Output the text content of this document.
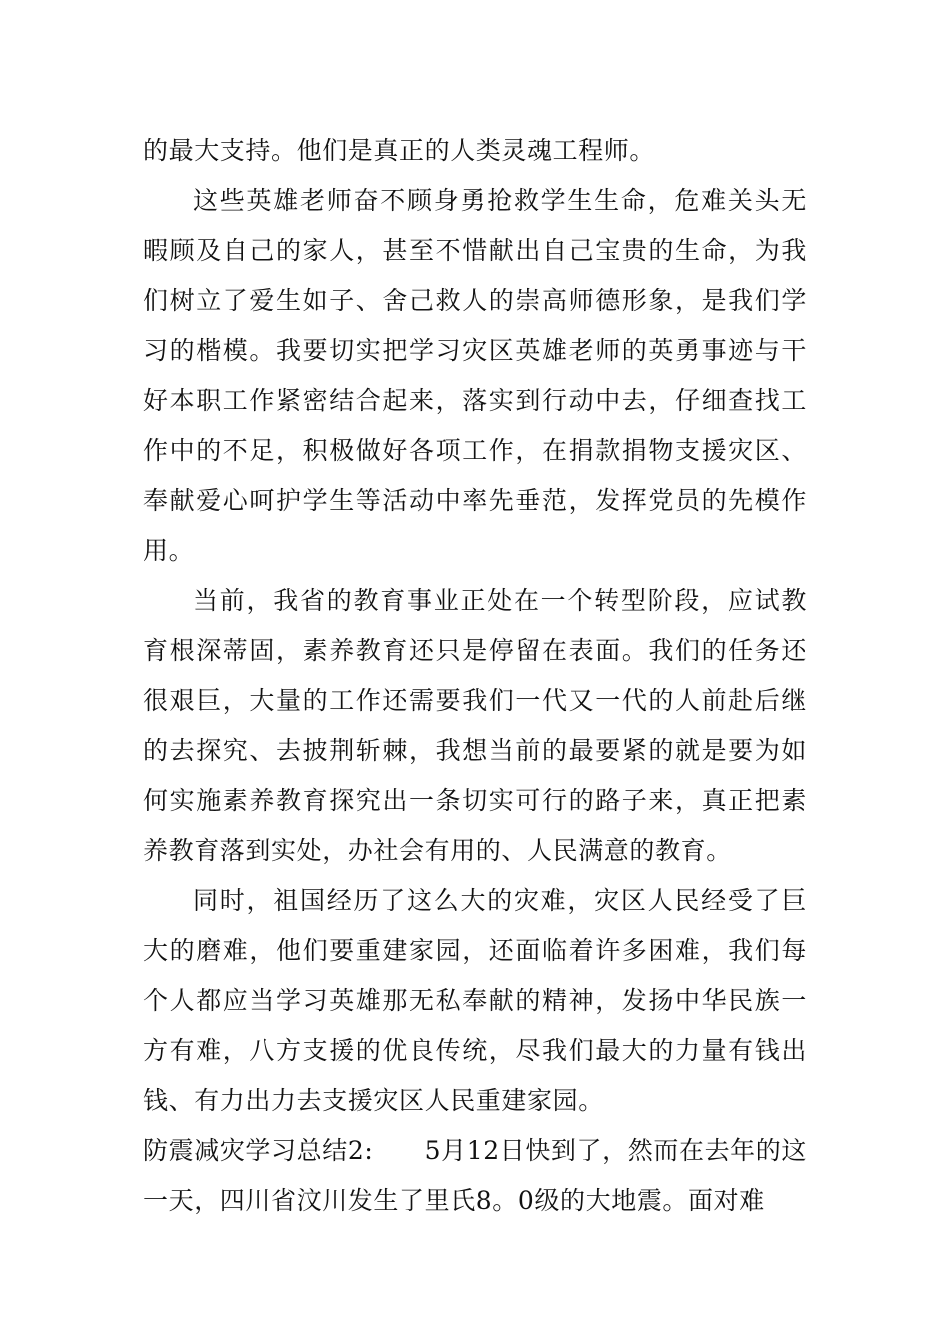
的最大支持。他们是真正的人类灵魂工程师。

这些英雄老师奋不顾身勇抢救学生生命，危难关头无暇顾及自己的家人，甚至不惜献出自己宝贵的生命，为我们树立了爱生如子、舍己救人的崇高师德形象，是我们学习的楷模。我要切实把学习灾区英雄老师的英勇事迹与干好本职工作紧密结合起来，落实到行动中去，仔细查找工作中的不足，积极做好各项工作，在捐款捐物支援灾区、奉献爱心呵护学生等活动中率先垂范，发挥党员的先模作用。

当前，我省的教育事业正处在一个转型阶段，应试教育根深蒂固，素养教育还只是停留在表面。我们的任务还很艰巨，大量的工作还需要我们一代又一代的人前赴后继的去探究、去披荆斩棘，我想当前的最要紧的就是要为如何实施素养教育探究出一条切实可行的路子来，真正把素养教育落到实处，办社会有用的、人民满意的教育。

同时，祖国经历了这么大的灾难，灾区人民经受了巨大的磨难，他们要重建家园，还面临着许多困难，我们每个人都应当学习英雄那无私奉献的精神，发扬中华民族一方有难，八方支援的优良传统，尽我们最大的力量有钱出钱、有力出力去支援灾区人民重建家园。

防震减灾学习总结2:　　5月12日快到了，然而在去年的这一天，四川省汶川发生了里氏8。0级的大地震。面对难
